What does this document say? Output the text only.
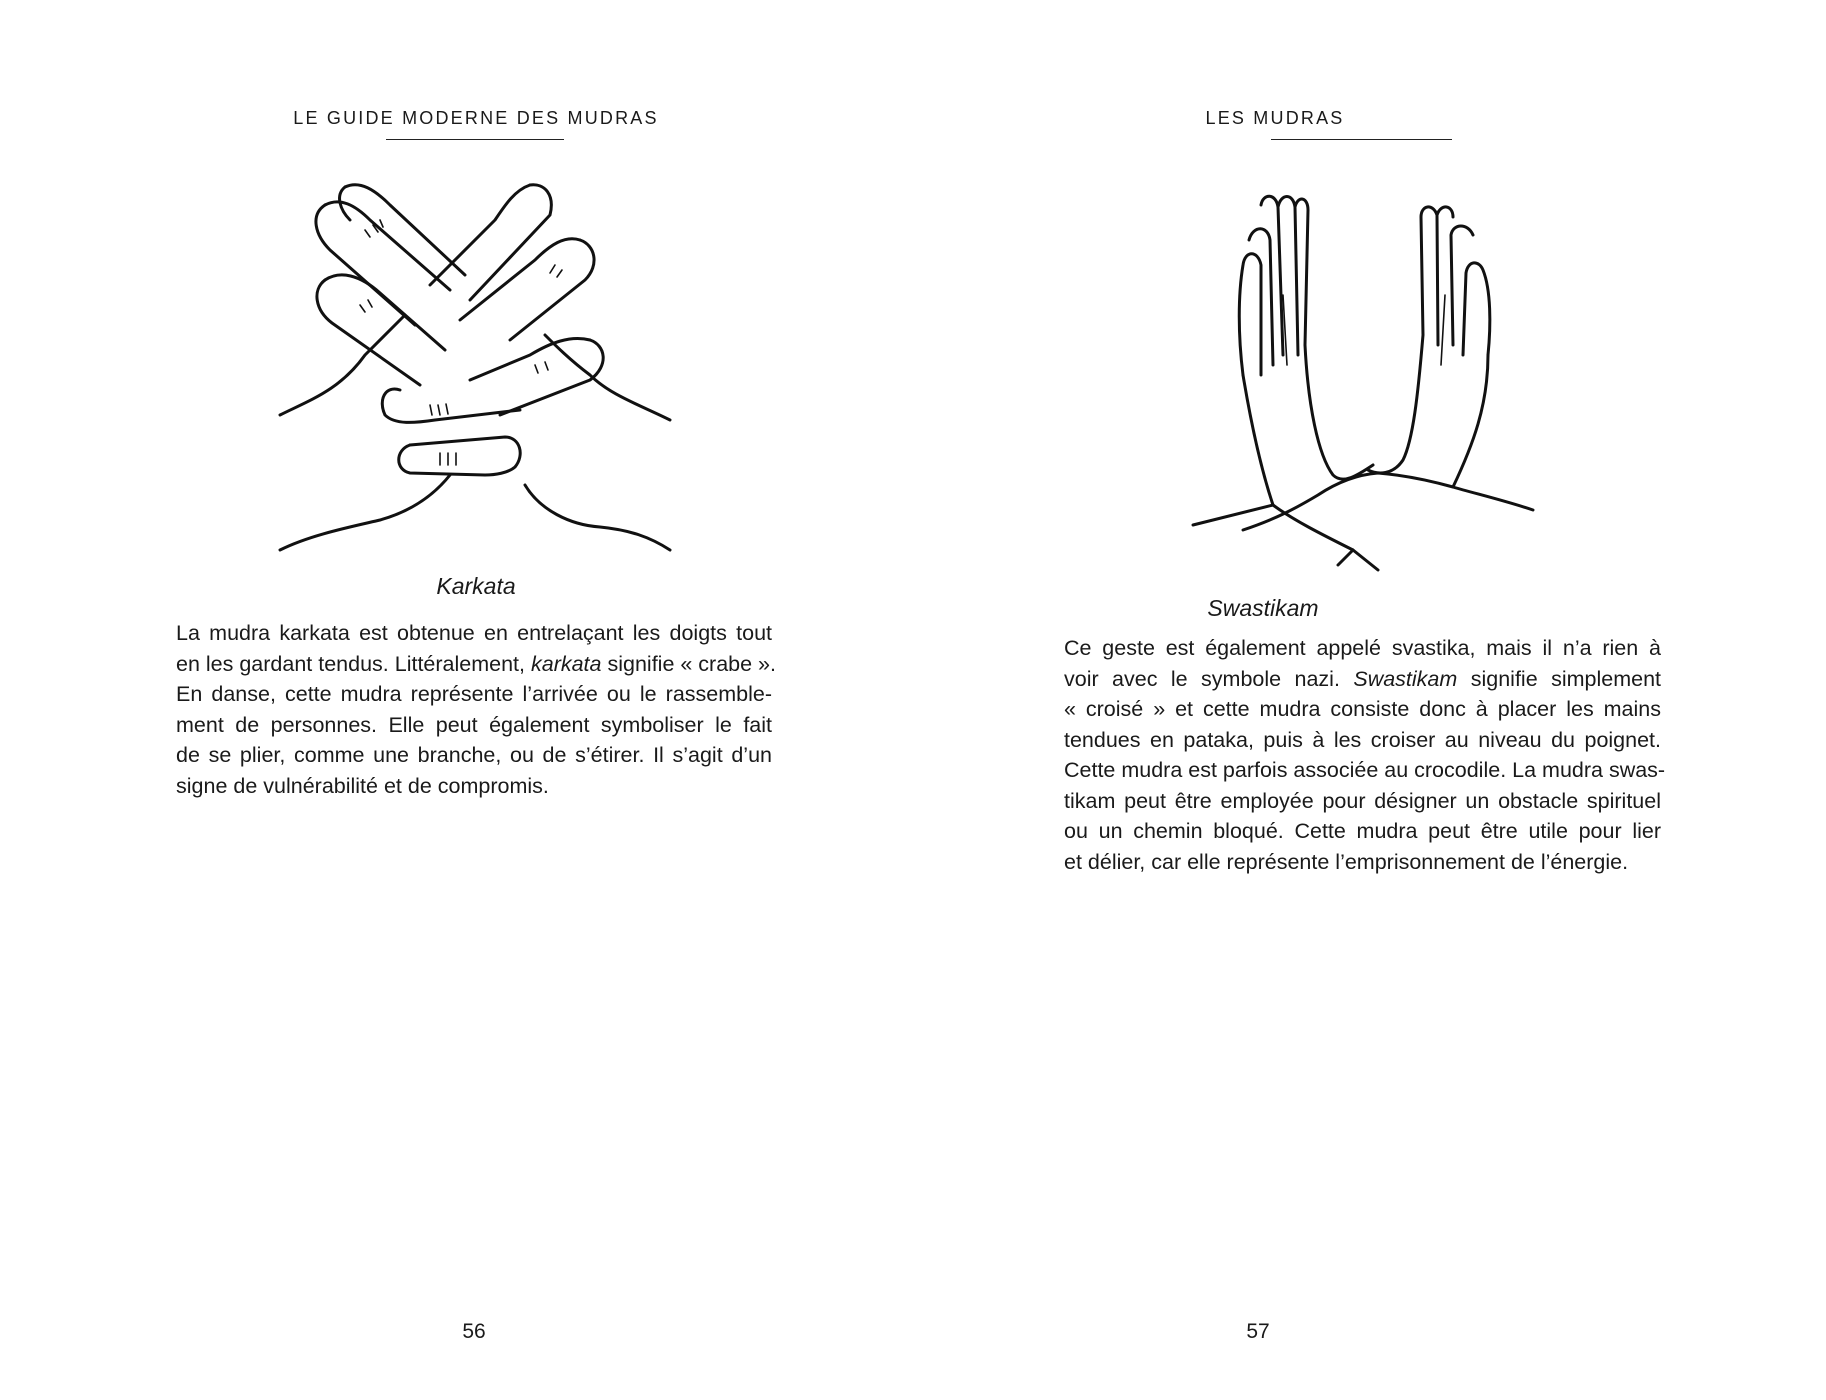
LE GUIDE MODERNE DES MUDRAS
Karkata
La mudra karkata est obtenue en entrelaçant les doigts tout
en les gardant tendus. Littéralement, karkata signifie « crabe ».
En danse, cette mudra représente l’arrivée ou le rassemble-
ment de personnes. Elle peut également symboliser le fait
de se plier, comme une branche, ou de s’étirer. Il s’agit d’un
signe de vulnérabilité et de compromis.
56
LES MUDRAS
Swastikam
Ce geste est également appelé svastika, mais il n’a rien à
voir avec le symbole nazi. Swastikam signifie simplement
« croisé » et cette mudra consiste donc à placer les mains
tendues en pataka, puis à les croiser au niveau du poignet.
Cette mudra est parfois associée au crocodile. La mudra swas-
tikam peut être employée pour désigner un obstacle spirituel
ou un chemin bloqué. Cette mudra peut être utile pour lier
et délier, car elle représente l’emprisonnement de l’énergie.
57
